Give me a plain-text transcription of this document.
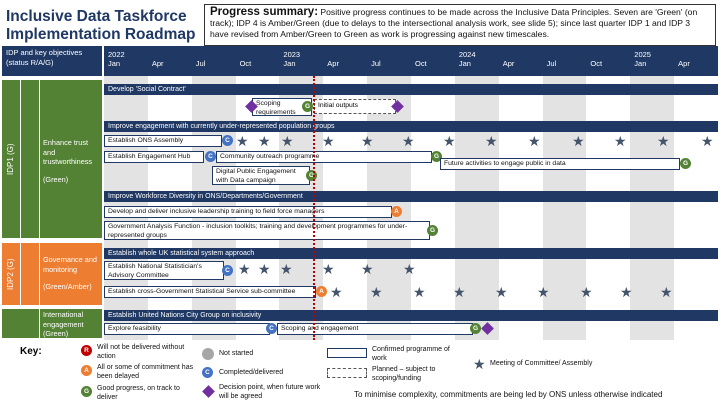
Inclusive Data Taskforce
Implementation Roadmap
Progress summary: Positive progress continues to be made across the Inclusive Data Principles. Seven are 'Green' (on track); IDP 4 is Amber/Green (due to delays to the intersectional analysis work, see slide 5); since last quarter IDP 1 and IDP 3 have revised from Amber/Green to Green as work is progressing against new timescales.
IDP and key objectives (status R/A/G)
2022
Jan
	Apr
	Jul
	Oct
2023
Jan
	Apr
	Jul
	Oct
2024
Jan
	Apr
	Jul
	Oct
2025
Jan
	Apr
IDP1 (G)
Enhance trust and trustworthiness
(Green)
Develop 'Social Contract'
Scoping requirements
G	Initial outputs
Improve engagement with currently under-represented population groups
Establish ONS Assembly	C ★ ★ ★ ★ ★ ★ ★ ★ ★ ★ ★ ★ ★
Establish Engagement Hub	C	Community outreach programme	G
Future activities to engage public in data	G
Digital Public Engagement with Data campaign
G
Improve Workforce Diversity in ONS/Departments/Government
Develop and deliver inclusive leadership training to field force managers	A
Government Analysis Function - inclusion toolkits; training and development programmes for under-represented groups
G
IDP2 (G)	Governance and monitoring
(Green/Amber)
Establish whole UK statistical system approach
Establish National Statistician's Advisory Committee
C ★ ★ ★ ★ ★ ★
★ ★ ★ ★ ★ ★ ★ ★ ★
Establish cross-Government Statistical Service sub-committee	A
International engagement
(Green)
Establish United Nations City Group on inclusivity
Explore feasibility	C	Scoping and engagement	G
Key:	R	Will not be delivered without action
A	All or some of commitment has been delayed
G	Good progress, on track to deliver
Not started
C	Completed/delivered
Decision point, when future work will be agreed
Confirmed programme of work
Planned – subject to scoping/funding
★ Meeting of Committee/ Assembly
To minimise complexity, commitments are being led by ONS unless otherwise indicated
